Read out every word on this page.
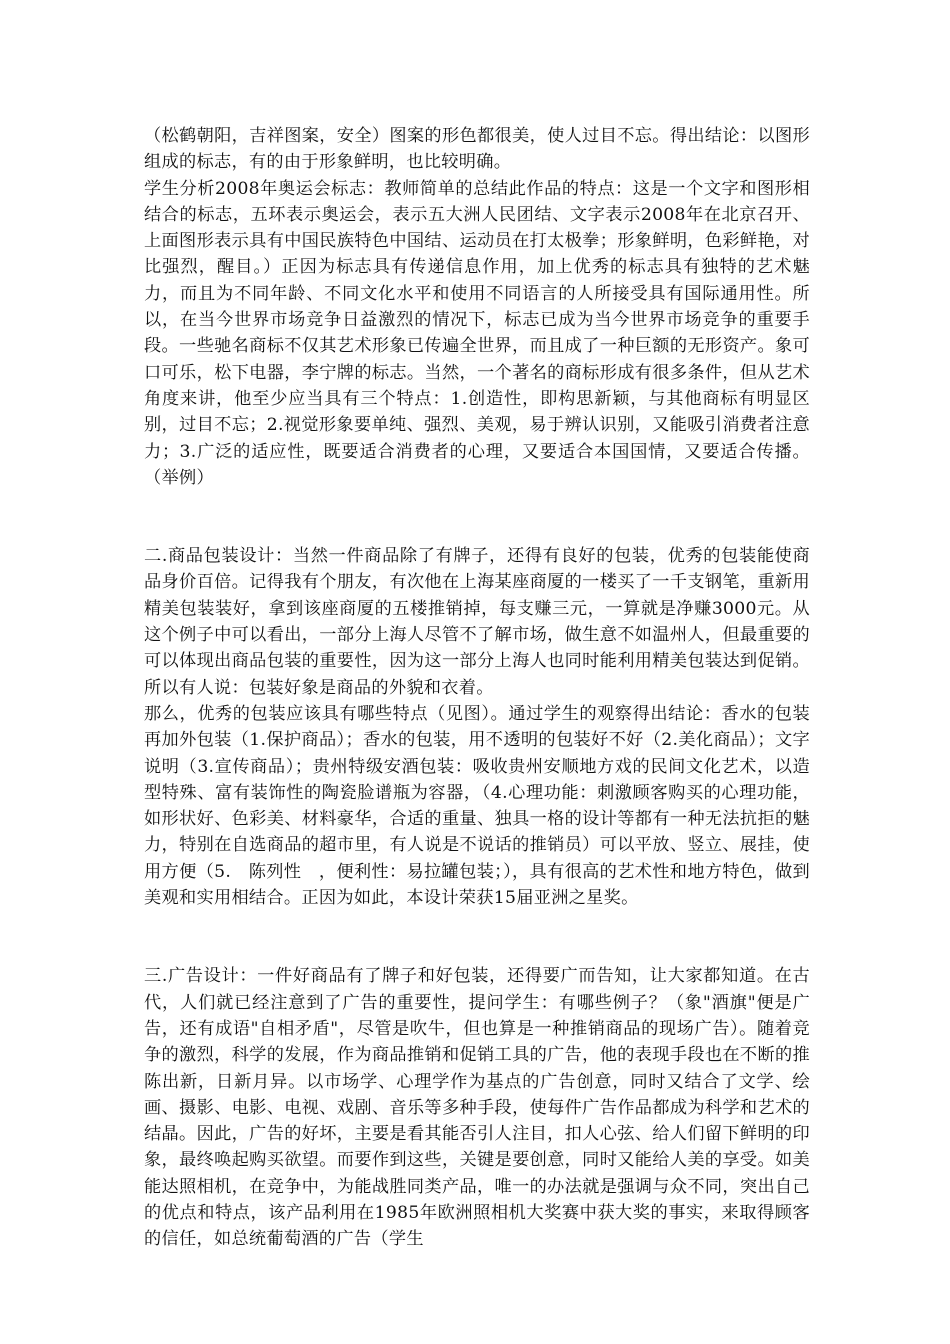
（松鹤朝阳，吉祥图案，安全）图案的形色都很美，使人过目不忘。得出结论：以图形组成的标志，有的由于形象鲜明，也比较明确。

学生分析2008年奥运会标志：教师简单的总结此作品的特点：这是一个文字和图形相结合的标志，五环表示奥运会，表示五大洲人民团结、文字表示2008年在北京召开、上面图形表示具有中国民族特色中国结、运动员在打太极拳；形象鲜明，色彩鲜艳，对比强烈，醒目。）正因为标志具有传递信息作用，加上优秀的标志具有独特的艺术魅力，而且为不同年龄、不同文化水平和使用不同语言的人所接受具有国际通用性。所以，在当今世界市场竞争日益激烈的情况下，标志已成为当今世界市场竞争的重要手段。一些驰名商标不仅其艺术形象已传遍全世界，而且成了一种巨额的无形资产。象可口可乐，松下电器，李宁牌的标志。当然，一个著名的商标形成有很多条件，但从艺术角度来讲，他至少应当具有三个特点：1.创造性，即构思新颖，与其他商标有明显区别，过目不忘；2.视觉形象要单纯、强烈、美观，易于辨认识别，又能吸引消费者注意力；3.广泛的适应性，既要适合消费者的心理，又要适合本国国情，又要适合传播。（举例）

二.商品包装设计：当然一件商品除了有牌子，还得有良好的包装，优秀的包装能使商品身价百倍。记得我有个朋友，有次他在上海某座商厦的一楼买了一千支钢笔，重新用精美包装装好，拿到该座商厦的五楼推销掉，每支赚三元，一算就是净赚3000元。从这个例子中可以看出，一部分上海人尽管不了解市场，做生意不如温州人，但最重要的可以体现出商品包装的重要性，因为这一部分上海人也同时能利用精美包装达到促销。所以有人说：包装好象是商品的外貌和衣着。

那么，优秀的包装应该具有哪些特点（见图）。通过学生的观察得出结论：香水的包装再加外包装（1.保护商品）；香水的包装，用不透明的包装好不好（2.美化商品）；文字说明（3.宣传商品）；贵州特级安酒包装：吸收贵州安顺地方戏的民间文化艺术，以造型特殊、富有装饰性的陶瓷脸谱瓶为容器，（4.心理功能：刺激顾客购买的心理功能，如形状好、色彩美、材料豪华，合适的重量、独具一格的设计等都有一种无法抗拒的魅力，特别在自选商品的超市里，有人说是不说话的推销员）可以平放、竖立、展挂，使用方便（5.　陈列性　，便利性：易拉罐包装；），具有很高的艺术性和地方特色，做到美观和实用相结合。正因为如此，本设计荣获15届亚洲之星奖。

三.广告设计：一件好商品有了牌子和好包装，还得要广而告知，让大家都知道。在古代，人们就已经注意到了广告的重要性，提问学生：有哪些例子？（象"酒旗"便是广告，还有成语"自相矛盾"，尽管是吹牛，但也算是一种推销商品的现场广告）。随着竞争的激烈，科学的发展，作为商品推销和促销工具的广告，他的表现手段也在不断的推陈出新，日新月异。以市场学、心理学作为基点的广告创意，同时又结合了文学、绘画、摄影、电影、电视、戏剧、音乐等多种手段，使每件广告作品都成为科学和艺术的结晶。因此，广告的好坏，主要是看其能否引人注目，扣人心弦、给人们留下鲜明的印象，最终唤起购买欲望。而要作到这些，关键是要创意，同时又能给人美的享受。如美能达照相机，在竞争中，为能战胜同类产品，唯一的办法就是强调与众不同，突出自己的优点和特点，该产品利用在1985年欧洲照相机大奖赛中获大奖的事实，来取得顾客的信任，如总统葡萄酒的广告（学生
